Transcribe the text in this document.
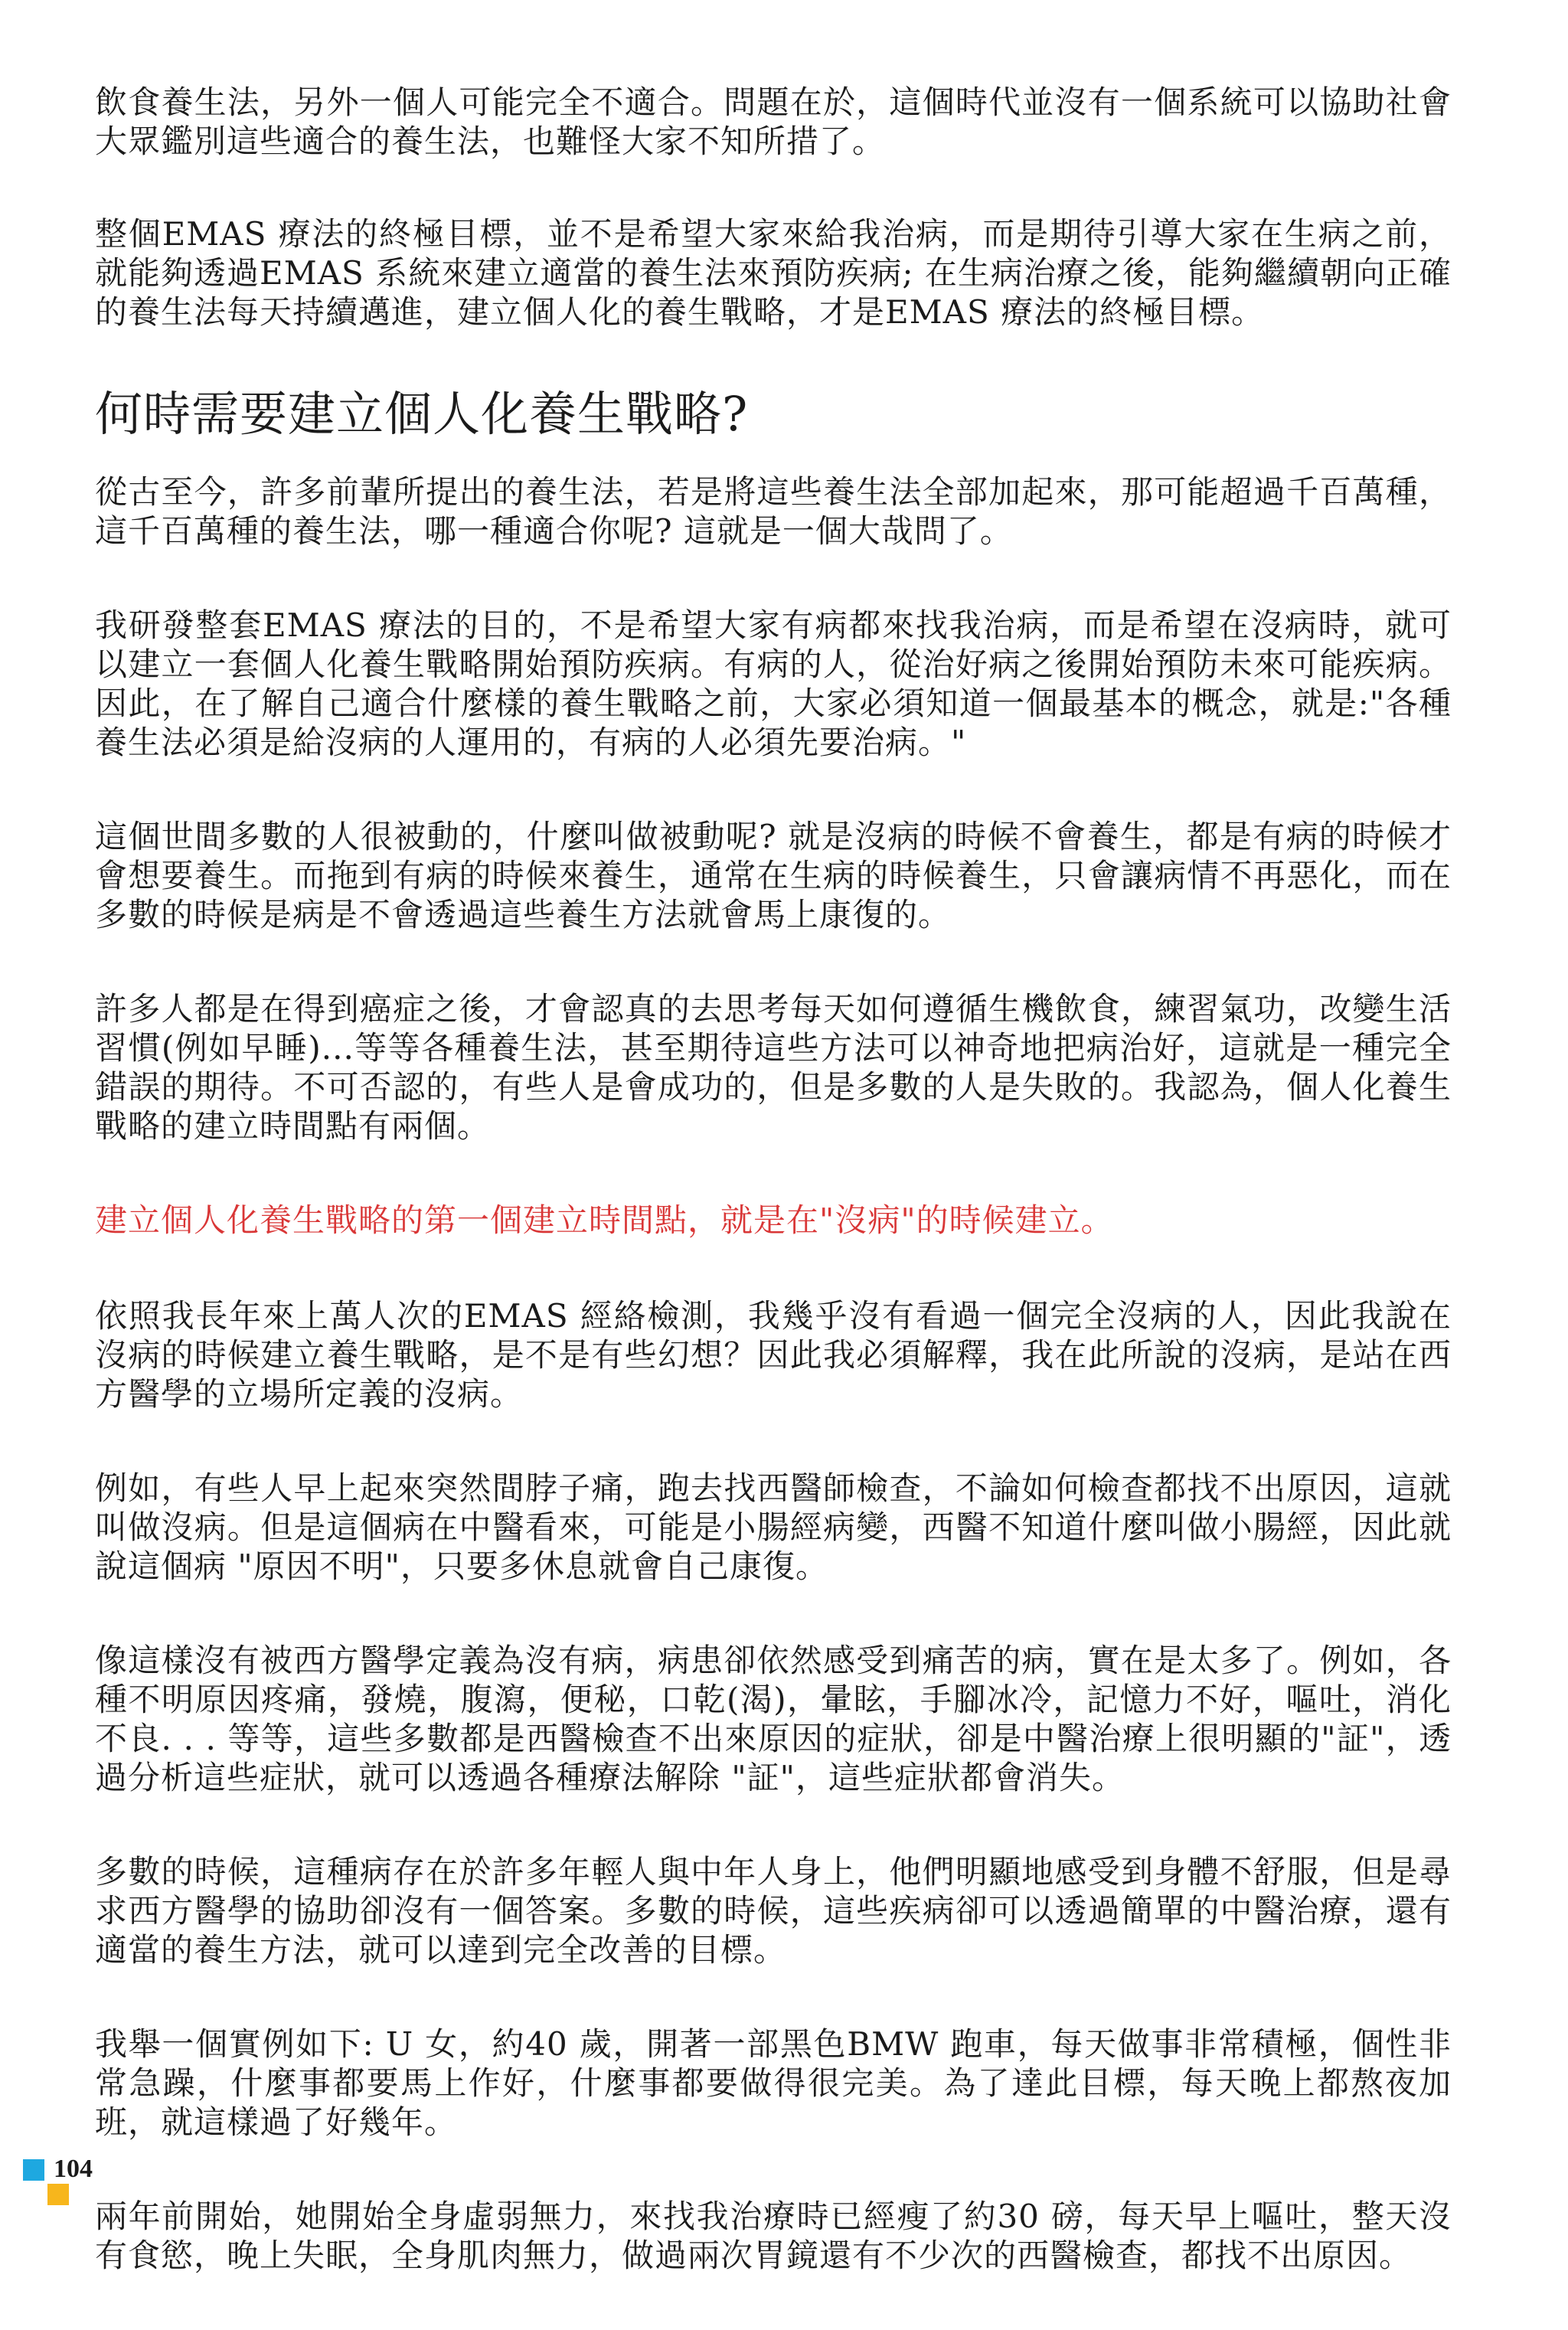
飲食養生法，另外一個人可能完全不適合。問題在於，這個時代並沒有一個系統可以協助社會大眾鑑別這些適合的養生法，也難怪大家不知所措了。

整個EMAS 療法的終極目標，並不是希望大家來給我治病，而是期待引導大家在生病之前，就能夠透過EMAS 系統來建立適當的養生法來預防疾病; 在生病治療之後，能夠繼續朝向正確的養生法每天持續邁進，建立個人化的養生戰略，才是EMAS 療法的終極目標。

何時需要建立個人化養生戰略?

從古至今，許多前輩所提出的養生法，若是將這些養生法全部加起來，那可能超過千百萬種，這千百萬種的養生法，哪一種適合你呢? 這就是一個大哉問了。

我研發整套EMAS 療法的目的，不是希望大家有病都來找我治病，而是希望在沒病時，就可以建立一套個人化養生戰略開始預防疾病。有病的人，從治好病之後開始預防未來可能疾病。因此，在了解自己適合什麼樣的養生戰略之前，大家必須知道一個最基本的概念，就是:"各種養生法必須是給沒病的人運用的，有病的人必須先要治病。"

這個世間多數的人很被動的，什麼叫做被動呢? 就是沒病的時候不會養生，都是有病的時候才會想要養生。而拖到有病的時候來養生，通常在生病的時候養生，只會讓病情不再惡化，而在多數的時候是病是不會透過這些養生方法就會馬上康復的。

許多人都是在得到癌症之後，才會認真的去思考每天如何遵循生機飲食，練習氣功，改變生活習慣(例如早睡)...等等各種養生法，甚至期待這些方法可以神奇地把病治好，這就是一種完全錯誤的期待。不可否認的，有些人是會成功的，但是多數的人是失敗的。我認為，個人化養生戰略的建立時間點有兩個。

建立個人化養生戰略的第一個建立時間點，就是在"沒病"的時候建立。

依照我長年來上萬人次的EMAS 經絡檢測，我幾乎沒有看過一個完全沒病的人，因此我說在沒病的時候建立養生戰略，是不是有些幻想？因此我必須解釋，我在此所說的沒病，是站在西方醫學的立場所定義的沒病。

例如，有些人早上起來突然間脖子痛，跑去找西醫師檢查，不論如何檢查都找不出原因，這就叫做沒病。但是這個病在中醫看來，可能是小腸經病變，西醫不知道什麼叫做小腸經，因此就說這個病 "原因不明"，只要多休息就會自己康復。

像這樣沒有被西方醫學定義為沒有病，病患卻依然感受到痛苦的病，實在是太多了。例如，各種不明原因疼痛，發燒，腹瀉，便秘，口乾(渴)，暈眩，手腳冰冷，記憶力不好，嘔吐，消化不良. . . 等等，這些多數都是西醫檢查不出來原因的症狀，卻是中醫治療上很明顯的"証"，透過分析這些症狀，就可以透過各種療法解除 "証"，這些症狀都會消失。

多數的時候，這種病存在於許多年輕人與中年人身上，他們明顯地感受到身體不舒服，但是尋求西方醫學的協助卻沒有一個答案。多數的時候，這些疾病卻可以透過簡單的中醫治療，還有適當的養生方法，就可以達到完全改善的目標。

我舉一個實例如下: U 女，約40 歲，開著一部黑色BMW 跑車，每天做事非常積極，個性非常急躁，什麼事都要馬上作好，什麼事都要做得很完美。為了達此目標，每天晚上都熬夜加班，就這樣過了好幾年。

兩年前開始，她開始全身虛弱無力，來找我治療時已經瘦了約30 磅，每天早上嘔吐，整天沒有食慾，晚上失眠，全身肌肉無力，做過兩次胃鏡還有不少次的西醫檢查，都找不出原因。

104
